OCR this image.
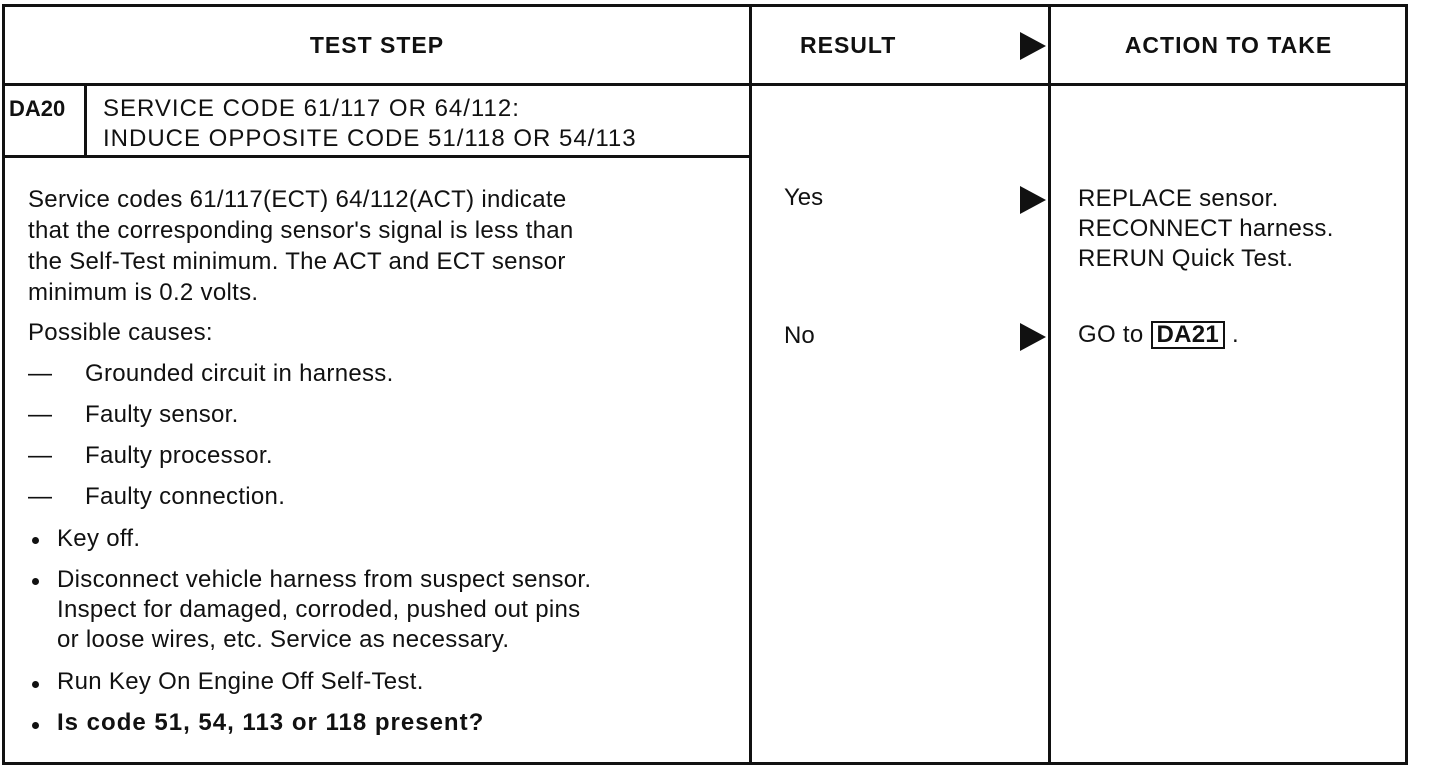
TEST STEP	RESULT	ACTION TO TAKE
DA20	SERVICE CODE 61/117 OR 64/112:
INDUCE OPPOSITE CODE 51/118 OR 54/113
Service codes 61/117(ECT) 64/112(ACT) indicate
that the corresponding sensor's signal is less than
the Self-Test minimum. The ACT and ECT sensor
minimum is 0.2 volts.
Possible causes:
— Grounded circuit in harness.
— Faulty sensor.
— Faulty processor.
— Faulty connection.
Key off.
Disconnect vehicle harness from suspect sensor.
Inspect for damaged, corroded, pushed out pins
or loose wires, etc. Service as necessary.
Run Key On Engine Off Self-Test.
Is code 51, 54, 113 or 118 present?
Yes	REPLACE sensor.
RECONNECT harness.
RERUN Quick Test.
No	GO to DA21 .
